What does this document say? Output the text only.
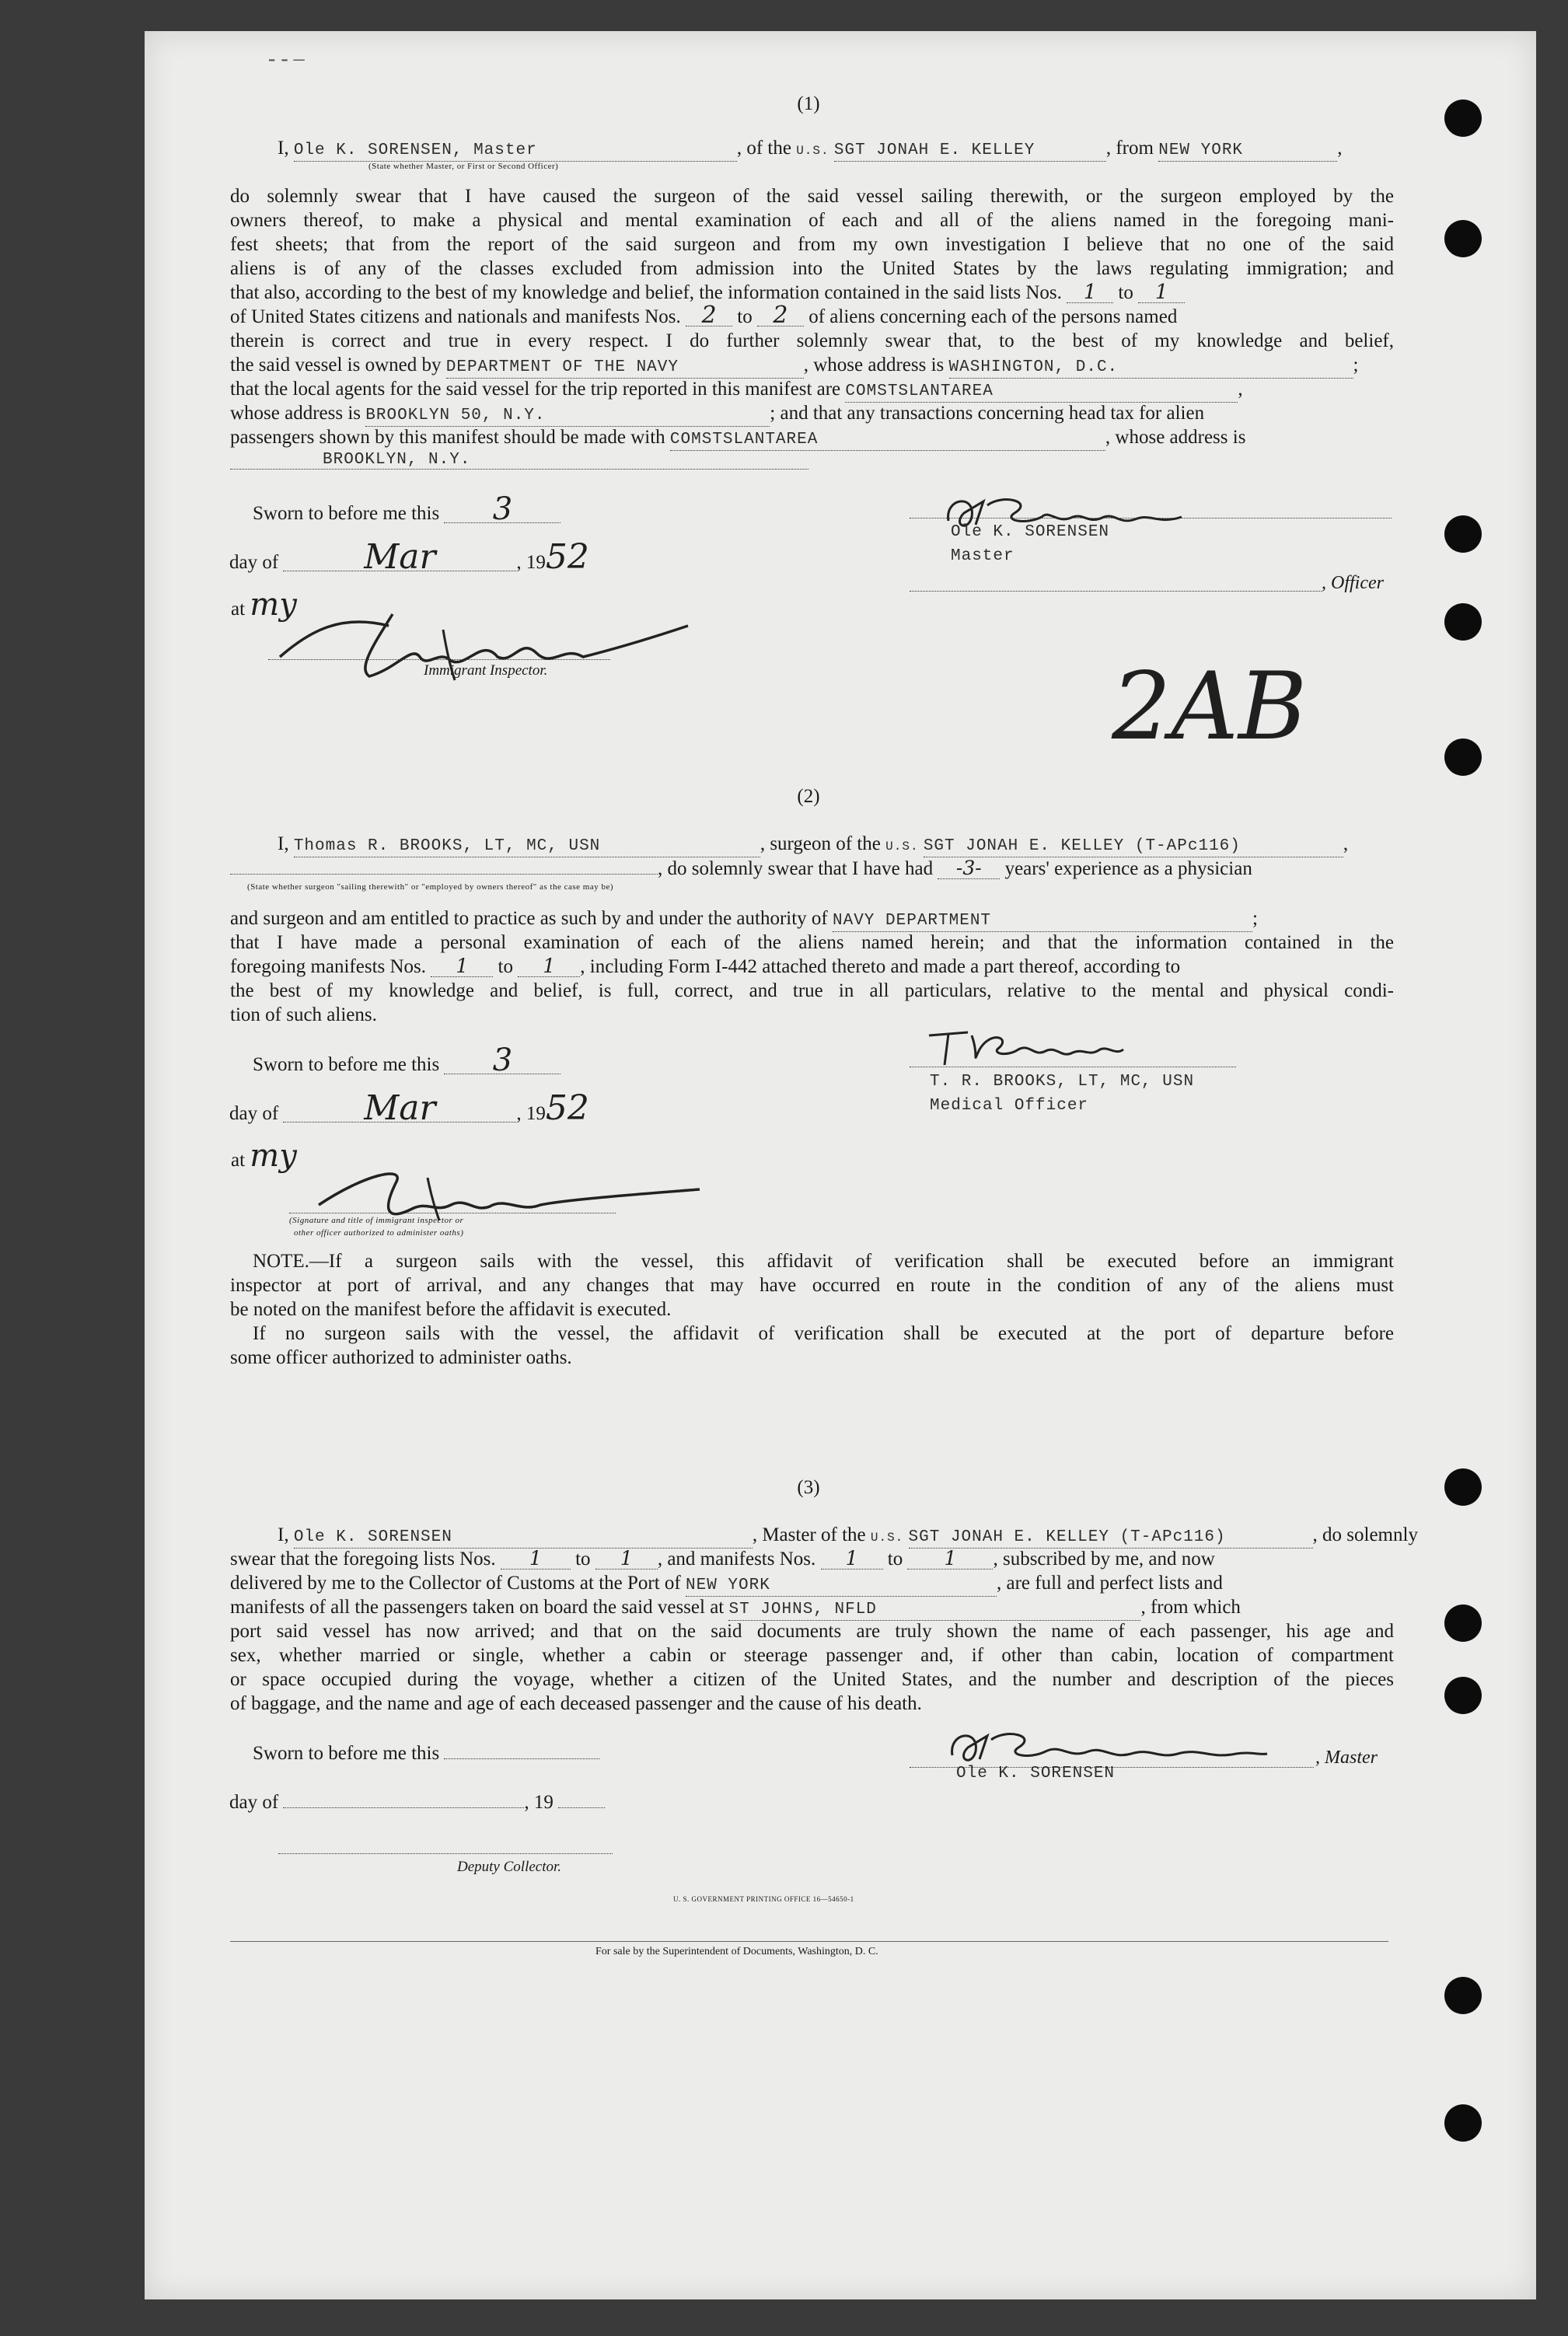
- - –
(1)
I, Ole K. SORENSEN, Master	, of the U.S. SGT JONAH E. KELLEY	, from NEW YORK	,
(State whether Master, or First or Second Officer)
do solemnly swear that I have caused the surgeon of the said vessel sailing therewith, or the surgeon employed by the
owners thereof, to make a physical and mental examination of each and all of the aliens named in the foregoing mani-
fest sheets; that from the report of the said surgeon and from my own investigation I believe that no one of the said
aliens is of any of the classes excluded from admission into the United States by the laws regulating immigration; and
that also, according to the best of my knowledge and belief, the information contained in the said lists Nos. 1 to 1
of United States citizens and nationals and manifests Nos. 2 to 2 of aliens concerning each of the persons named
therein is correct and true in every respect. I do further solemnly swear that, to the best of my knowledge and belief,
the said vessel is owned by DEPARTMENT OF THE NAVY	, whose address is WASHINGTON, D.C.	;
that the local agents for the said vessel for the trip reported in this manifest are COMSTSLANTAREA	,
whose address is BROOKLYN 50, N.Y.	; and that any transactions concerning head tax for alien
passengers shown by this manifest should be made with COMSTSLANTAREA	, whose address is
BROOKLYN, N.Y.
Sworn to before me this 3
day of	Mar	, 1952
at my
Immigrant Inspector.
Ole K. SORENSEN
Master
, Officer
2AB
(2)
I, Thomas R. BROOKS, LT, MC, USN	, surgeon of the U.S. SGT JONAH E. KELLEY (T-APc116)	,
, do solemnly swear that I have had -3- years' experience as a physician
(State whether surgeon "sailing therewith" or "employed by owners thereof" as the case may be)
and surgeon and am entitled to practice as such by and under the authority of NAVY DEPARTMENT	;
that I have made a personal examination of each of the aliens named herein; and that the information contained in the
foregoing manifests Nos. 1 to 1 , including Form I-442 attached thereto and made a part thereof, according to
the best of my knowledge and belief, is full, correct, and true in all particulars, relative to the mental and physical condi-
tion of such aliens.
Sworn to before me this 3
day of	Mar	, 1952
at my
(Signature and title of immigrant inspector or
other officer authorized to administer oaths)
T. R. BROOKS, LT, MC, USN
Medical Officer
NOTE.—If a surgeon sails with the vessel, this affidavit of verification shall be executed before an immigrant
inspector at port of arrival, and any changes that may have occurred en route in the condition of any of the aliens must
be noted on the manifest before the affidavit is executed.
If no surgeon sails with the vessel, the affidavit of verification shall be executed at the port of departure before
some officer authorized to administer oaths.
(3)
I, Ole K. SORENSEN	, Master of the U.S. SGT JONAH E. KELLEY (T-APc116)	, do solemnly
swear that the foregoing lists Nos. 1 to 1 , and manifests Nos. 1 to 1 , subscribed by me, and now
delivered by me to the Collector of Customs at the Port of NEW YORK	, are full and perfect lists and
manifests of all the passengers taken on board the said vessel at ST JOHNS, NFLD	, from which
port said vessel has now arrived; and that on the said documents are truly shown the name of each passenger, his age and
sex, whether married or single, whether a cabin or steerage passenger and, if other than cabin, location of compartment
or space occupied during the voyage, whether a citizen of the United States, and the number and description of the pieces
of baggage, and the name and age of each deceased passenger and the cause of his death.
Sworn to before me this
day of	, 19
Deputy Collector.
Ole K. SORENSEN
, Master
U. S. GOVERNMENT PRINTING OFFICE 16—54650-1
For sale by the Superintendent of Documents, Washington, D. C.
